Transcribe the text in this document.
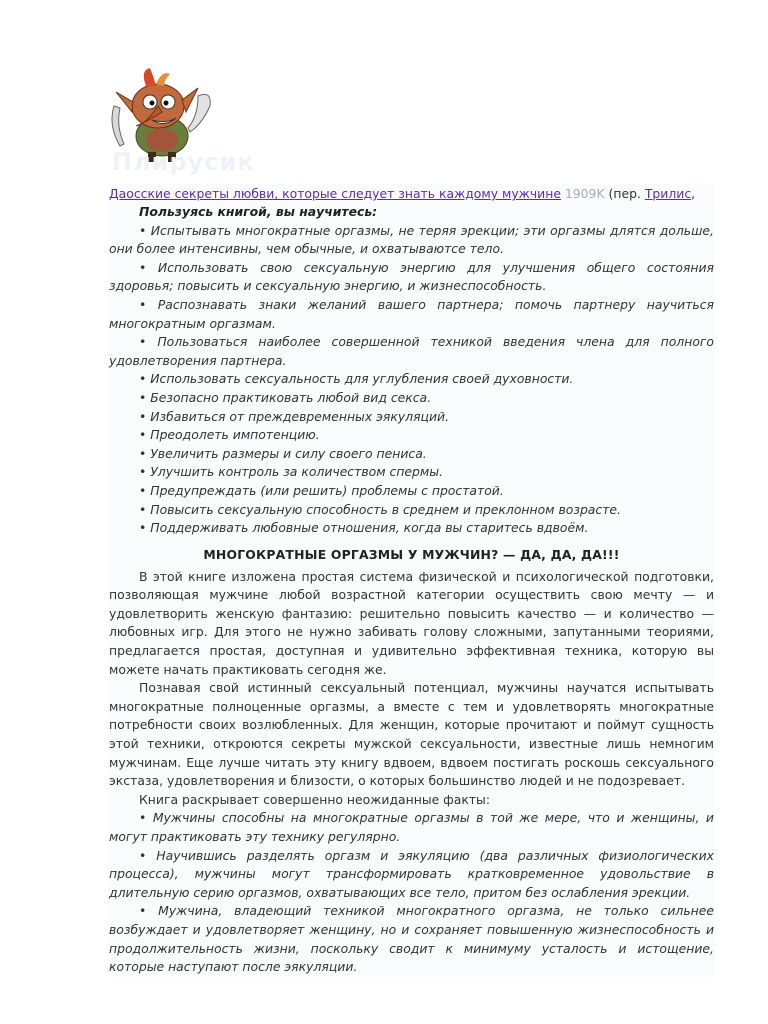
Плирусик
Даосские секреты любви, которые следует знать каждому мужчине 1909K (пер. Трилис,

Пользуясь книгой, вы научитесь:

• Испытывать многократные оргазмы, не теряя эрекции; эти оргазмы длятся дольше, они более интенсивны, чем обычные, и охватываютсе тело.

• Использовать свою сексуальную энергию для улучшения общего состояния здоровья; повысить и сексуальную энергию, и жизнеспособность.

• Распознавать знаки желаний вашего партнера; помочь партнеру научиться многократным оргазмам.

• Пользоваться наиболее совершенной техникой введения члена для полного удовлетворения партнера.

• Использовать сексуальность для углубления своей духовности.

• Безопасно практиковать любой вид секса.

• Избавиться от преждевременных эякуляций.

• Преодолеть импотенцию.

• Увеличить размеры и силу своего пениса.

• Улучшить контроль за количеством спермы.

• Предупреждать (или решить) проблемы с простатой.

• Повысить сексуальную способность в среднем и преклонном возрасте.

• Поддерживать любовные отношения, когда вы старитесь вдвоём.

МНОГОКРАТНЫЕ ОРГАЗМЫ У МУЖЧИН? — ДА, ДА, ДА!!!

В этой книге изложена простая система физической и психологической подготовки, позволяющая мужчине любой возрастной категории осуществить свою мечту — и удовлетворить женскую фантазию: решительно повысить качество — и количество — любовных игр. Для этого не нужно забивать голову сложными, запутанными теориями, предлагается простая, доступная и удивительно эффективная техника, которую вы можете начать практиковать сегодня же.

Познавая свой истинный сексуальный потенциал, мужчины научатся испытывать многократные полноценные оргазмы, а вместе с тем и удовлетворять многократные потребности своих возлюбленных. Для женщин, которые прочитают и поймут сущность этой техники, откроются секреты мужской сексуальности, известные лишь немногим мужчинам. Еще лучше читать эту книгу вдвоем, вдвоем постигать роскошь сексуального экстаза, удовлетворения и близости, о которых большинство людей и не подозревает.

Книга раскрывает совершенно неожиданные факты:

• Мужчины способны на многократные оргазмы в той же мере, что и женщины, и могут практиковать эту технику регулярно.

• Научившись разделять оргазм и эякуляцию (два различных физиологических процесса), мужчины могут трансформировать кратковременное удовольствие в длительную серию оргазмов, охватывающих все тело, притом без ослабления эрекции.

• Мужчина, владеющий техникой многократного оргазма, не только сильнее возбуждает и удовлетворяет женщину, но и сохраняет повышенную жизнеспособность и продолжительность жизни, поскольку сводит к минимуму усталость и истощение, которые наступают после эякуляции.
